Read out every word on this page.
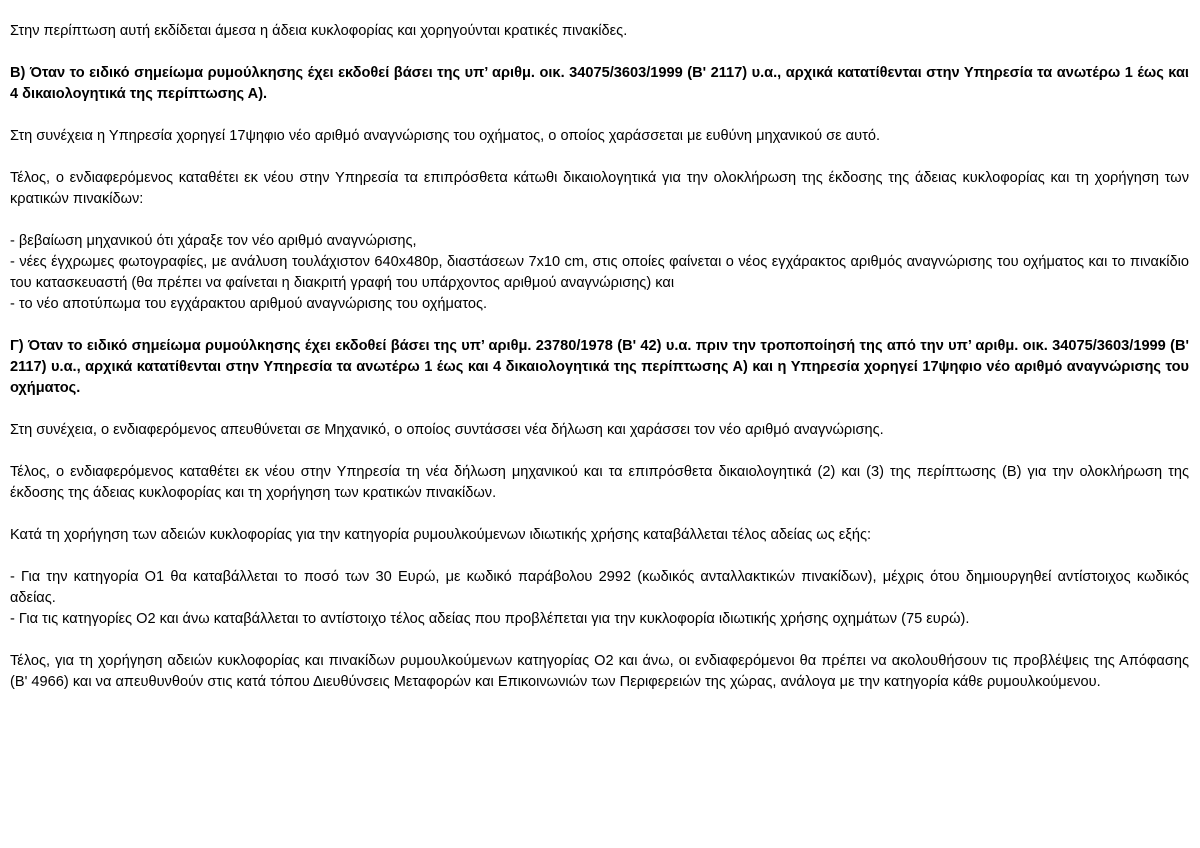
Στην περίπτωση αυτή εκδίδεται άμεσα η άδεια κυκλοφορίας και χορηγούνται κρατικές πινακίδες.

Β) Όταν το ειδικό σημείωμα ρυμούλκησης έχει εκδοθεί βάσει της υπ’ αριθμ. οικ. 34075/3603/1999 (Β' 2117) υ.α., αρχικά κατατίθενται στην Υπηρεσία τα ανωτέρω 1 έως και 4 δικαιολογητικά της περίπτωσης Α).

Στη συνέχεια η Υπηρεσία χορηγεί 17ψηφιο νέο αριθμό αναγνώρισης του οχήματος, ο οποίος χαράσσεται με ευθύνη μηχανικού σε αυτό.

Τέλος, ο ενδιαφερόμενος καταθέτει εκ νέου στην Υπηρεσία τα επιπρόσθετα κάτωθι δικαιολογητικά για την ολοκλήρωση της έκδοσης της άδειας κυκλοφορίας και τη χορήγηση των κρατικών πινακίδων:

- βεβαίωση μηχανικού ότι χάραξε τον νέο αριθμό αναγνώρισης,
- νέες έγχρωμες φωτογραφίες, με ανάλυση τουλάχιστον 640x480p, διαστάσεων 7x10 cm, στις οποίες φαίνεται ο νέος εγχάρακτος αριθμός αναγνώρισης του οχήματος και το πινακίδιο του κατασκευαστή (θα πρέπει να φαίνεται η διακριτή γραφή του υπάρχοντος αριθμού αναγνώρισης) και
- το νέο αποτύπωμα του εγχάρακτου αριθμού αναγνώρισης του οχήματος.

Γ) Όταν το ειδικό σημείωμα ρυμούλκησης έχει εκδοθεί βάσει της υπ’ αριθμ. 23780/1978 (Β' 42) υ.α. πριν την τροποποίησή της από την υπ’ αριθμ. οικ. 34075/3603/1999 (Β' 2117) υ.α., αρχικά κατατίθενται στην Υπηρεσία τα ανωτέρω 1 έως και 4 δικαιολογητικά της περίπτωσης Α) και η Υπηρεσία χορηγεί 17ψηφιο νέο αριθμό αναγνώρισης του οχήματος.

Στη συνέχεια, ο ενδιαφερόμενος απευθύνεται σε Μηχανικό, ο οποίος συντάσσει νέα δήλωση και χαράσσει τον νέο αριθμό αναγνώρισης.

Τέλος, ο ενδιαφερόμενος καταθέτει εκ νέου στην Υπηρεσία τη νέα δήλωση μηχανικού και τα επιπρόσθετα δικαιολογητικά (2) και (3) της περίπτωσης (Β) για την ολοκλήρωση της έκδοσης της άδειας κυκλοφορίας και τη χορήγηση των κρατικών πινακίδων.

Κατά τη χορήγηση των αδειών κυκλοφορίας για την κατηγορία ρυμουλκούμενων ιδιωτικής χρήσης καταβάλλεται τέλος αδείας ως εξής:

- Για την κατηγορία Ο1 θα καταβάλλεται το ποσό των 30 Ευρώ, με κωδικό παράβολου 2992 (κωδικός ανταλλακτικών πινακίδων), μέχρις ότου δημιουργηθεί αντίστοιχος κωδικός αδείας.
- Για τις κατηγορίες Ο2 και άνω καταβάλλεται το αντίστοιχο τέλος αδείας που προβλέπεται για την κυκλοφορία ιδιωτικής χρήσης οχημάτων (75 ευρώ).

Τέλος, για τη χορήγηση αδειών κυκλοφορίας και πινακίδων ρυμουλκούμενων κατηγορίας Ο2 και άνω, οι ενδιαφερόμενοι θα πρέπει να ακολουθήσουν τις προβλέψεις της Απόφασης (Β' 4966) και να απευθυνθούν στις κατά τόπου Διευθύνσεις Μεταφορών και Επικοινωνιών των Περιφερειών της χώρας, ανάλογα με την κατηγορία κάθε ρυμουλκούμενου.
